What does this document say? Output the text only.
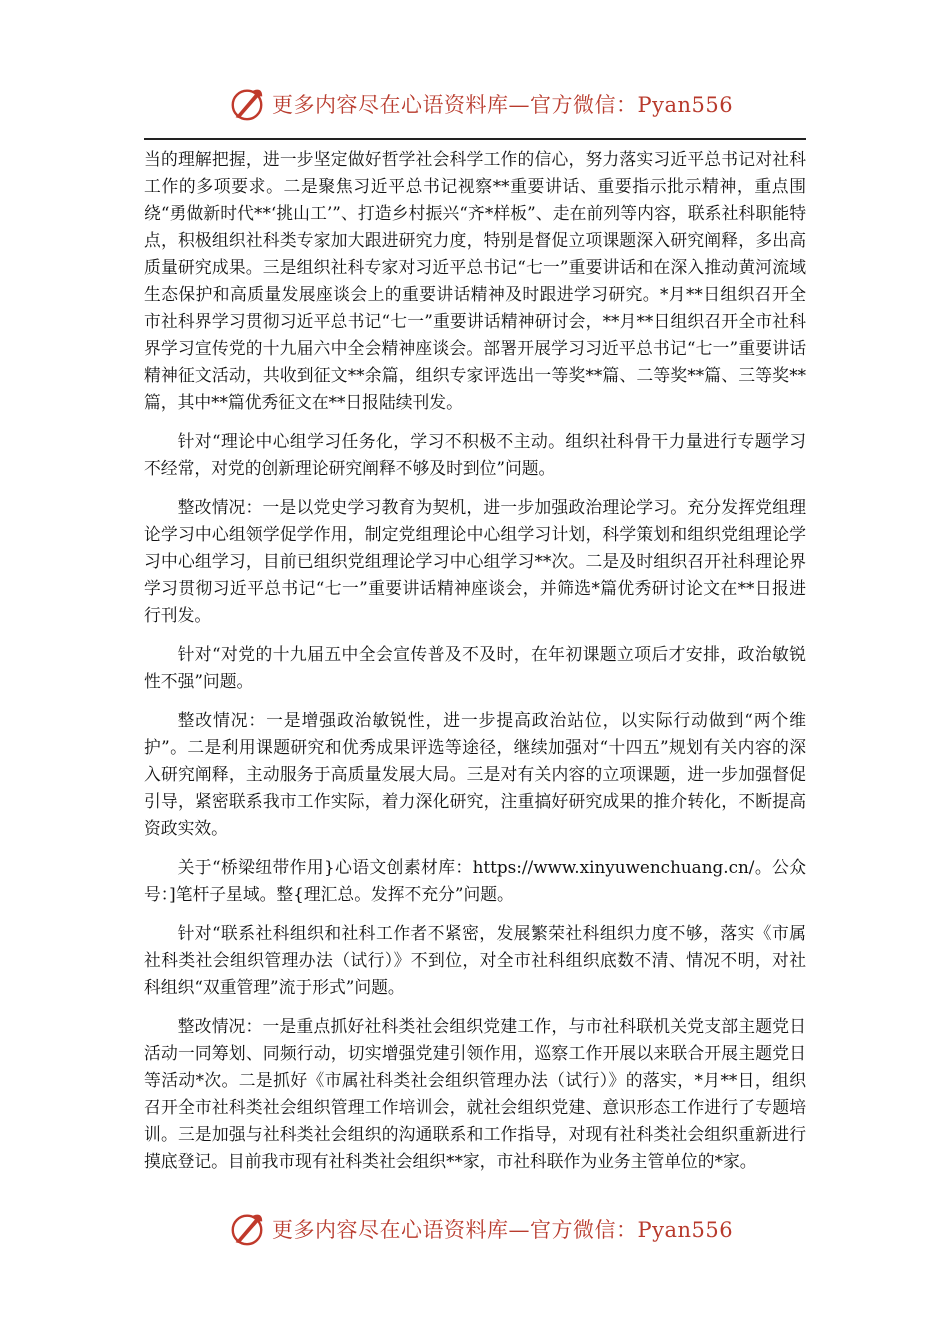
更多内容尽在心语资料库—官方微信：Pyan556

当的理解把握，进一步坚定做好哲学社会科学工作的信心，努力落实习近平总书记对社科工作的多项要求。二是聚焦习近平总书记视察**重要讲话、重要指示批示精神，重点围绕“勇做新时代**‘挑山工’”、打造乡村振兴“齐*样板”、走在前列等内容，联系社科职能特点，积极组织社科类专家加大跟进研究力度，特别是督促立项课题深入研究阐释，多出高质量研究成果。三是组织社科专家对习近平总书记“七一”重要讲话和在深入推动黄河流域生态保护和高质量发展座谈会上的重要讲话精神及时跟进学习研究。*月**日组织召开全市社科界学习贯彻习近平总书记“七一”重要讲话精神研讨会，**月**日组织召开全市社科界学习宣传党的十九届六中全会精神座谈会。部署开展学习习近平总书记“七一”重要讲话精神征文活动，共收到征文**余篇，组织专家评选出一等奖**篇、二等奖**篇、三等奖**篇，其中**篇优秀征文在**日报陆续刊发。

针对“理论中心组学习任务化，学习不积极不主动。组织社科骨干力量进行专题学习不经常，对党的创新理论研究阐释不够及时到位”问题。

整改情况：一是以党史学习教育为契机，进一步加强政治理论学习。充分发挥党组理论学习中心组领学促学作用，制定党组理论中心组学习计划，科学策划和组织党组理论学习中心组学习，目前已组织党组理论学习中心组学习**次。二是及时组织召开社科理论界学习贯彻习近平总书记“七一”重要讲话精神座谈会，并筛选*篇优秀研讨论文在**日报进行刊发。

针对“对党的十九届五中全会宣传普及不及时，在年初课题立项后才安排，政治敏锐性不强”问题。

整改情况：一是增强政治敏锐性，进一步提高政治站位，以实际行动做到“两个维护”。二是利用课题研究和优秀成果评选等途径，继续加强对“十四五”规划有关内容的深入研究阐释，主动服务于高质量发展大局。三是对有关内容的立项课题，进一步加强督促引导，紧密联系我市工作实际，着力深化研究，注重搞好研究成果的推介转化，不断提高资政实效。

关于“桥梁纽带作用}心语文创素材库：https://www.xinyuwenchuang.cn/。公众号：]笔杆子星域。整{理汇总。发挥不充分”问题。

针对“联系社科组织和社科工作者不紧密，发展繁荣社科组织力度不够，落实《市属社科类社会组织管理办法（试行）》不到位，对全市社科组织底数不清、情况不明，对社科组织“双重管理”流于形式”问题。

整改情况：一是重点抓好社科类社会组织党建工作，与市社科联机关党支部主题党日活动一同筹划、同频行动，切实增强党建引领作用，巡察工作开展以来联合开展主题党日等活动*次。二是抓好《市属社科类社会组织管理办法（试行）》的落实，*月**日，组织召开全市社科类社会组织管理工作培训会，就社会组织党建、意识形态工作进行了专题培训。三是加强与社科类社会组织的沟通联系和工作指导，对现有社科类社会组织重新进行摸底登记。目前我市现有社科类社会组织**家，市社科联作为业务主管单位的*家。

更多内容尽在心语资料库—官方微信：Pyan556
